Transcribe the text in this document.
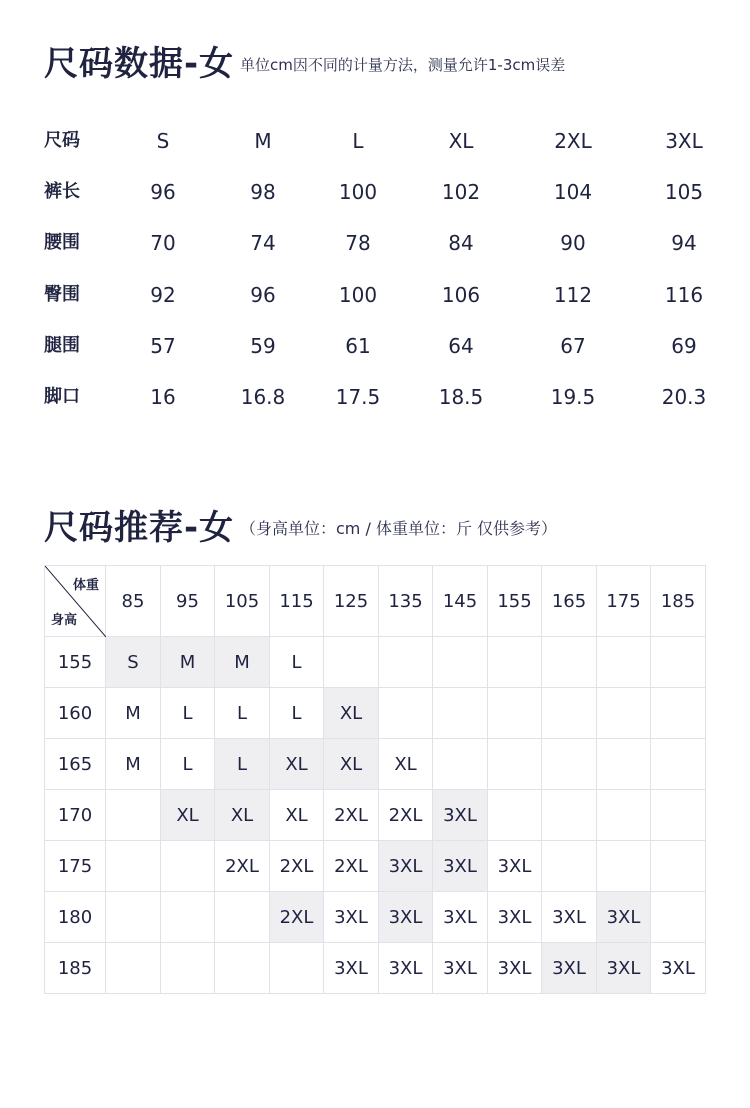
尺码数据-女 单位cm因不同的计量方法，测量允许1-3cm误差
尺码	S	M	L	XL	2XL	3XL
裤长	96	98	100	102	104	105
腰围	70	74	78	84	90	94
臀围	92	96	100	106	112	116
腿围	57	59	61	64	67	69
脚口	16	16.8	17.5	18.5	19.5	20.3
尺码推荐-女 （身高单位：cm / 体重单位：斤 仅供参考）
体重
身高	85	95	105	115	125	135	145	155	165	175	185
155	S	M	M	L							
160	M	L	L	L	XL						
165	M	L	L	XL	XL	XL					
170		XL	XL	XL	2XL	2XL	3XL				
175			2XL	2XL	2XL	3XL	3XL	3XL			
180				2XL	3XL	3XL	3XL	3XL	3XL	3XL	
185					3XL	3XL	3XL	3XL	3XL	3XL	3XL
